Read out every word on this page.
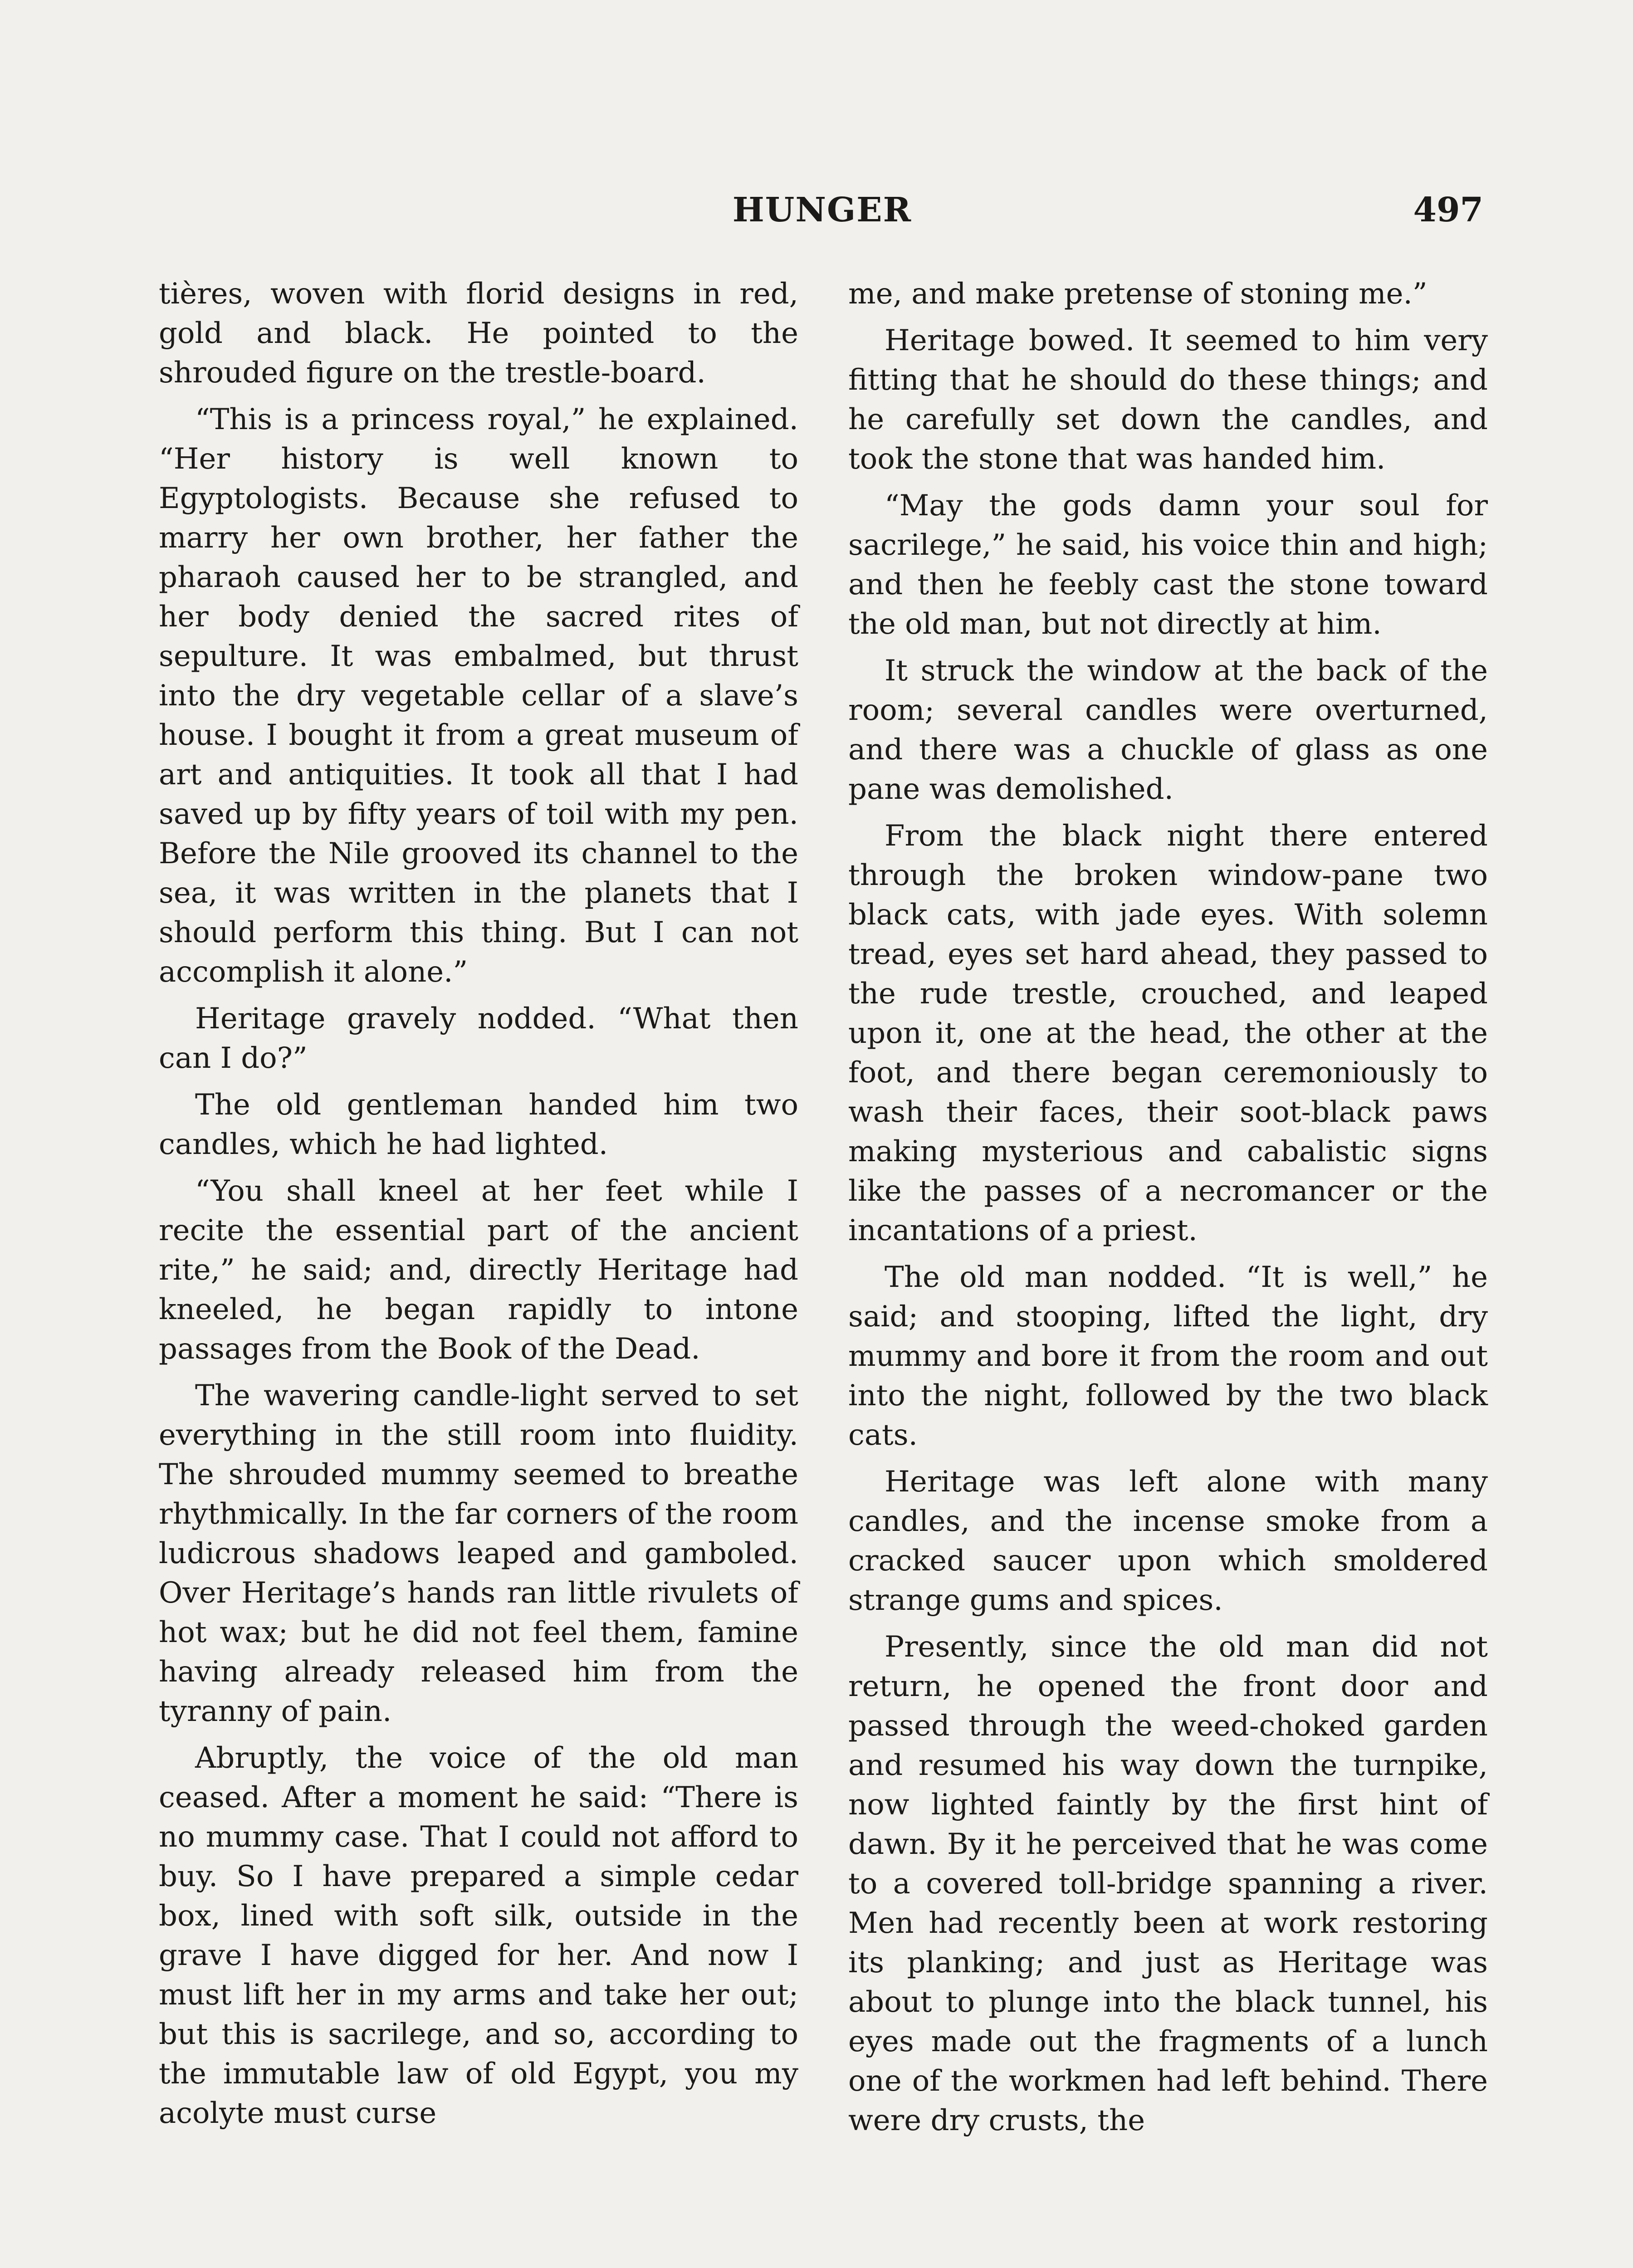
HUNGER	497

tières, woven with florid designs in red, gold and black. He pointed to the shrouded figure on the trestle-board.

“This is a princess royal,” he explained. “Her history is well known to Egyptologists. Because she refused to marry her own brother, her father the pharaoh caused her to be strangled, and her body denied the sacred rites of sepulture. It was embalmed, but thrust into the dry vegetable cellar of a slave’s house. I bought it from a great museum of art and antiquities. It took all that I had saved up by fifty years of toil with my pen. Before the Nile grooved its channel to the sea, it was written in the planets that I should perform this thing. But I can not accomplish it alone.”

Heritage gravely nodded. “What then can I do?”

The old gentleman handed him two candles, which he had lighted.

“You shall kneel at her feet while I recite the essential part of the ancient rite,” he said; and, directly Heritage had kneeled, he began rapidly to intone passages from the Book of the Dead.

The wavering candle-light served to set everything in the still room into fluidity. The shrouded mummy seemed to breathe rhythmically. In the far corners of the room ludicrous shadows leaped and gamboled. Over Heritage’s hands ran little rivulets of hot wax; but he did not feel them, famine having already released him from the tyranny of pain.

Abruptly, the voice of the old man ceased. After a moment he said: “There is no mummy case. That I could not afford to buy. So I have prepared a simple cedar box, lined with soft silk, outside in the grave I have digged for her. And now I must lift her in my arms and take her out; but this is sacrilege, and so, according to the immutable law of old Egypt, you my acolyte must curse

me, and make pretense of stoning me.”

Heritage bowed. It seemed to him very fitting that he should do these things; and he carefully set down the candles, and took the stone that was handed him.

“May the gods damn your soul for sacrilege,” he said, his voice thin and high; and then he feebly cast the stone toward the old man, but not directly at him.

It struck the window at the back of the room; several candles were overturned, and there was a chuckle of glass as one pane was demolished.

From the black night there entered through the broken window-pane two black cats, with jade eyes. With solemn tread, eyes set hard ahead, they passed to the rude trestle, crouched, and leaped upon it, one at the head, the other at the foot, and there began ceremoniously to wash their faces, their soot-black paws making mysterious and cabalistic signs like the passes of a necromancer or the incantations of a priest.

The old man nodded. “It is well,” he said; and stooping, lifted the light, dry mummy and bore it from the room and out into the night, followed by the two black cats.

Heritage was left alone with many candles, and the incense smoke from a cracked saucer upon which smoldered strange gums and spices.

Presently, since the old man did not return, he opened the front door and passed through the weed-choked garden and resumed his way down the turnpike, now lighted faintly by the first hint of dawn. By it he perceived that he was come to a covered toll-bridge spanning a river. Men had recently been at work restoring its planking; and just as Heritage was about to plunge into the black tunnel, his eyes made out the fragments of a lunch one of the workmen had left behind. There were dry crusts, the
